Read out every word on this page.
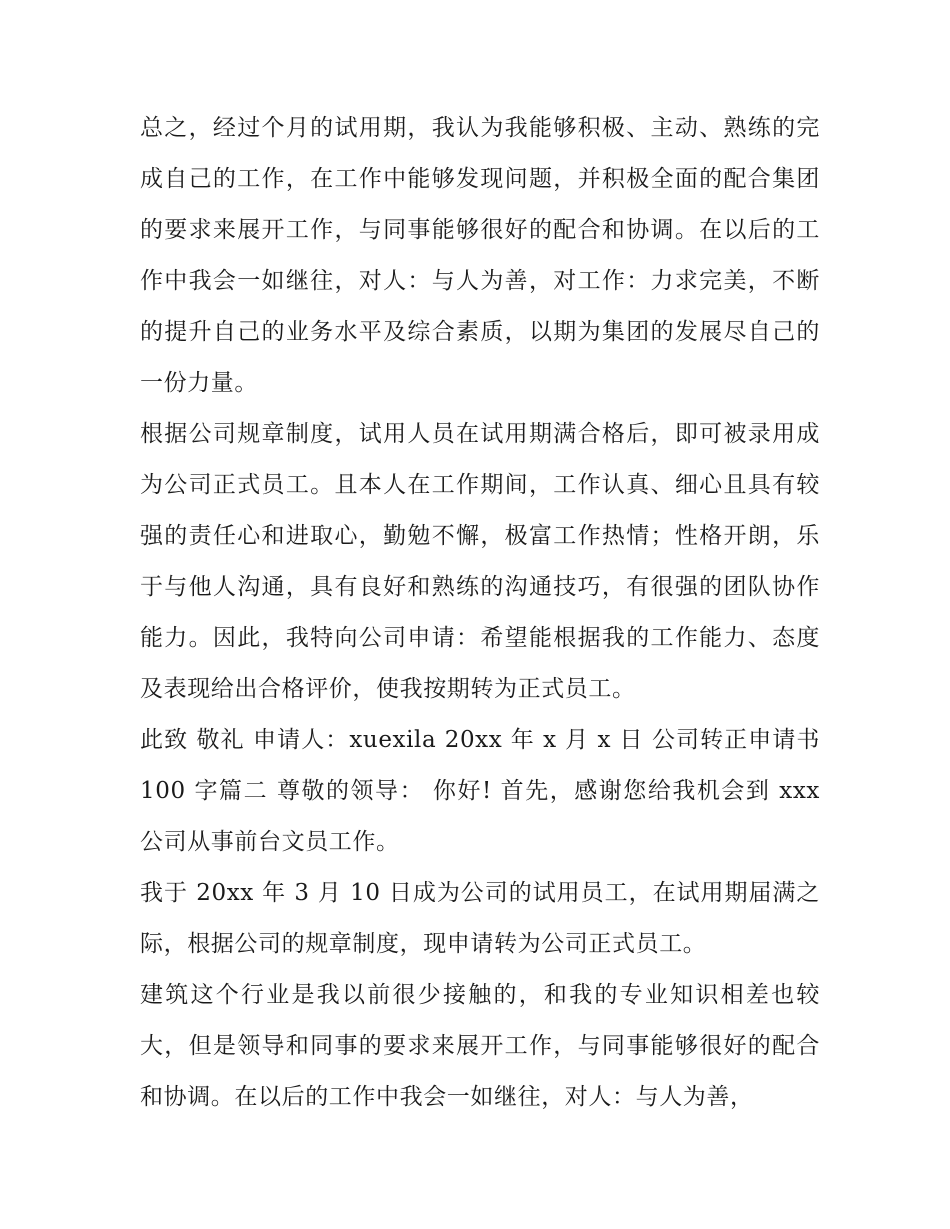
总之，经过个月的试用期，我认为我能够积极、主动、熟练的完成自己的工作，在工作中能够发现问题，并积极全面的配合集团的要求来展开工作，与同事能够很好的配合和协调。在以后的工作中我会一如继往，对人：与人为善，对工作：力求完美，不断的提升自己的业务水平及综合素质，以期为集团的发展尽自己的一份力量。

根据公司规章制度，试用人员在试用期满合格后，即可被录用成为公司正式员工。且本人在工作期间，工作认真、细心且具有较强的责任心和进取心，勤勉不懈，极富工作热情；性格开朗，乐于与他人沟通，具有良好和熟练的沟通技巧，有很强的团队协作能力。因此，我特向公司申请：希望能根据我的工作能力、态度及表现给出合格评价，使我按期转为正式员工。

此致 敬礼 申请人：xuexila 20xx 年 x 月 x 日 公司转正申请书 100 字篇二 尊敬的领导： 你好! 首先，感谢您给我机会到 xxx 公司从事前台文员工作。

我于 20xx 年 3 月 10 日成为公司的试用员工，在试用期届满之际，根据公司的规章制度，现申请转为公司正式员工。

建筑这个行业是我以前很少接触的，和我的专业知识相差也较大，但是领导和同事的要求来展开工作，与同事能够很好的配合和协调。在以后的工作中我会一如继往，对人：与人为善，
